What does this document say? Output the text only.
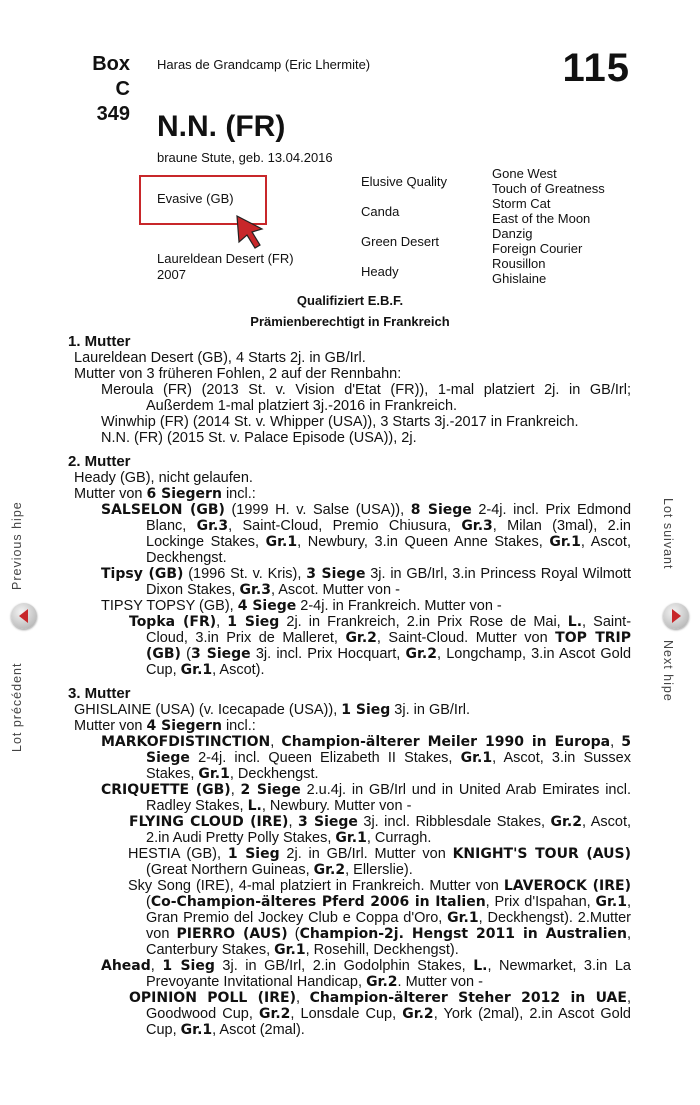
Box
C 349
Haras de Grandcamp (Eric Lhermite)	115
N.N. (FR)
braune Stute, geb. 13.04.2016
Evasive (GB)
Laureldean Desert (FR)
2007
Elusive Quality
Canda
Green Desert
Heady
Gone West
Touch of Greatness
Storm Cat
East of the Moon
Danzig
Foreign Courier
Rousillon
Ghislaine
Qualifiziert E.B.F.
Prämienberechtigt in Frankreich
1. Mutter
Laureldean Desert (GB), 4 Starts 2j. in GB/Irl.
Mutter von 3 früheren Fohlen, 2 auf der Rennbahn:
Meroula (FR) (2013 St. v. Vision d'Etat (FR)), 1-mal platziert 2j. in GB/Irl; Außerdem 1-mal platziert 3j.-2016 in Frankreich.
Winwhip (FR) (2014 St. v. Whipper (USA)), 3 Starts 3j.-2017 in Frankreich.
N.N. (FR) (2015 St. v. Palace Episode (USA)), 2j.
2. Mutter
Heady (GB), nicht gelaufen.
Mutter von 6 Siegern incl.:
SALSELON (GB) (1999 H. v. Salse (USA)), 8 Siege 2-4j. incl. Prix Edmond Blanc, Gr.3, Saint-Cloud, Premio Chiusura, Gr.3, Milan (3mal), 2.in Lockinge Stakes, Gr.1, Newbury, 3.in Queen Anne Stakes, Gr.1, Ascot, Deckhengst.
Tipsy (GB) (1996 St. v. Kris), 3 Siege 3j. in GB/Irl, 3.in Princess Royal Wilmott Dixon Stakes, Gr.3, Ascot. Mutter von -
TIPSY TOPSY (GB), 4 Siege 2-4j. in Frankreich. Mutter von -
Topka (FR), 1 Sieg 2j. in Frankreich, 2.in Prix Rose de Mai, L., Saint-Cloud, 3.in Prix de Malleret, Gr.2, Saint-Cloud. Mutter von TOP TRIP (GB) (3 Siege 3j. incl. Prix Hocquart, Gr.2, Longchamp, 3.in Ascot Gold Cup, Gr.1, Ascot).
3. Mutter
GHISLAINE (USA) (v. Icecapade (USA)), 1 Sieg 3j. in GB/Irl.
Mutter von 4 Siegern incl.:
MARKOFDISTINCTION, Champion-älterer Meiler 1990 in Europa, 5 Siege 2-4j. incl. Queen Elizabeth II Stakes, Gr.1, Ascot, 3.in Sussex Stakes, Gr.1, Deckhengst.
CRIQUETTE (GB), 2 Siege 2.u.4j. in GB/Irl und in United Arab Emirates incl. Radley Stakes, L., Newbury. Mutter von -
FLYING CLOUD (IRE), 3 Siege 3j. incl. Ribblesdale Stakes, Gr.2, Ascot, 2.in Audi Pretty Polly Stakes, Gr.1, Curragh.
HESTIA (GB), 1 Sieg 2j. in GB/Irl. Mutter von KNIGHT'S TOUR (AUS) (Great Northern Guineas, Gr.2, Ellerslie).
Sky Song (IRE), 4-mal platziert in Frankreich. Mutter von LAVEROCK (IRE) (Co-Champion-älteres Pferd 2006 in Italien, Prix d'Ispahan, Gr.1, Gran Premio del Jockey Club e Coppa d'Oro, Gr.1, Deckhengst). 2.Mutter von PIERRO (AUS) (Champion-2j. Hengst 2011 in Australien, Canterbury Stakes, Gr.1, Rosehill, Deckhengst).
Ahead, 1 Sieg 3j. in GB/Irl, 2.in Godolphin Stakes, L., Newmarket, 3.in La Prevoyante Invitational Handicap, Gr.2. Mutter von -
OPINION POLL (IRE), Champion-älterer Steher 2012 in UAE, Goodwood Cup, Gr.2, Lonsdale Cup, Gr.2, York (2mal), 2.in Ascot Gold Cup, Gr.1, Ascot (2mal).
Previous hipe
Lot précédent
Lot suivant
Next hipe
